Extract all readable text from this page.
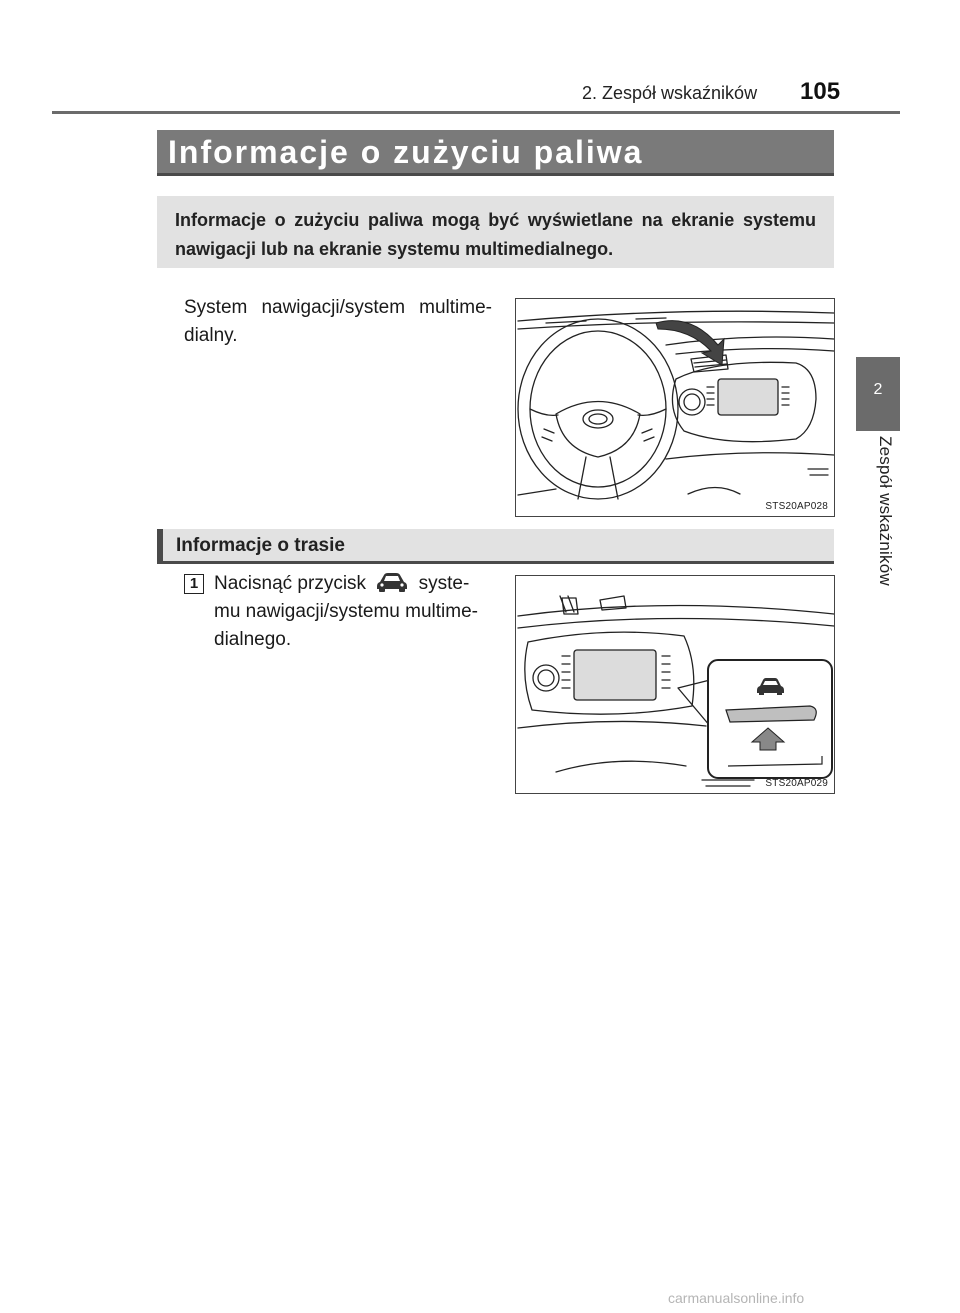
2. Zespół wskaźników 105
2
Zespół wskaźników
Informacje o zużyciu paliwa
Informacje o zużyciu paliwa mogą być wyświetlane na ekranie systemu nawigacji lub na ekranie systemu multimedialnego.
System nawigacji/system multime-dialny.
STS20AP028
Informacje o trasie
1 Nacisnąć przycisk	syste-mu nawigacji/systemu multime-dialnego.
STS20AP029
carmanualsonline.info
